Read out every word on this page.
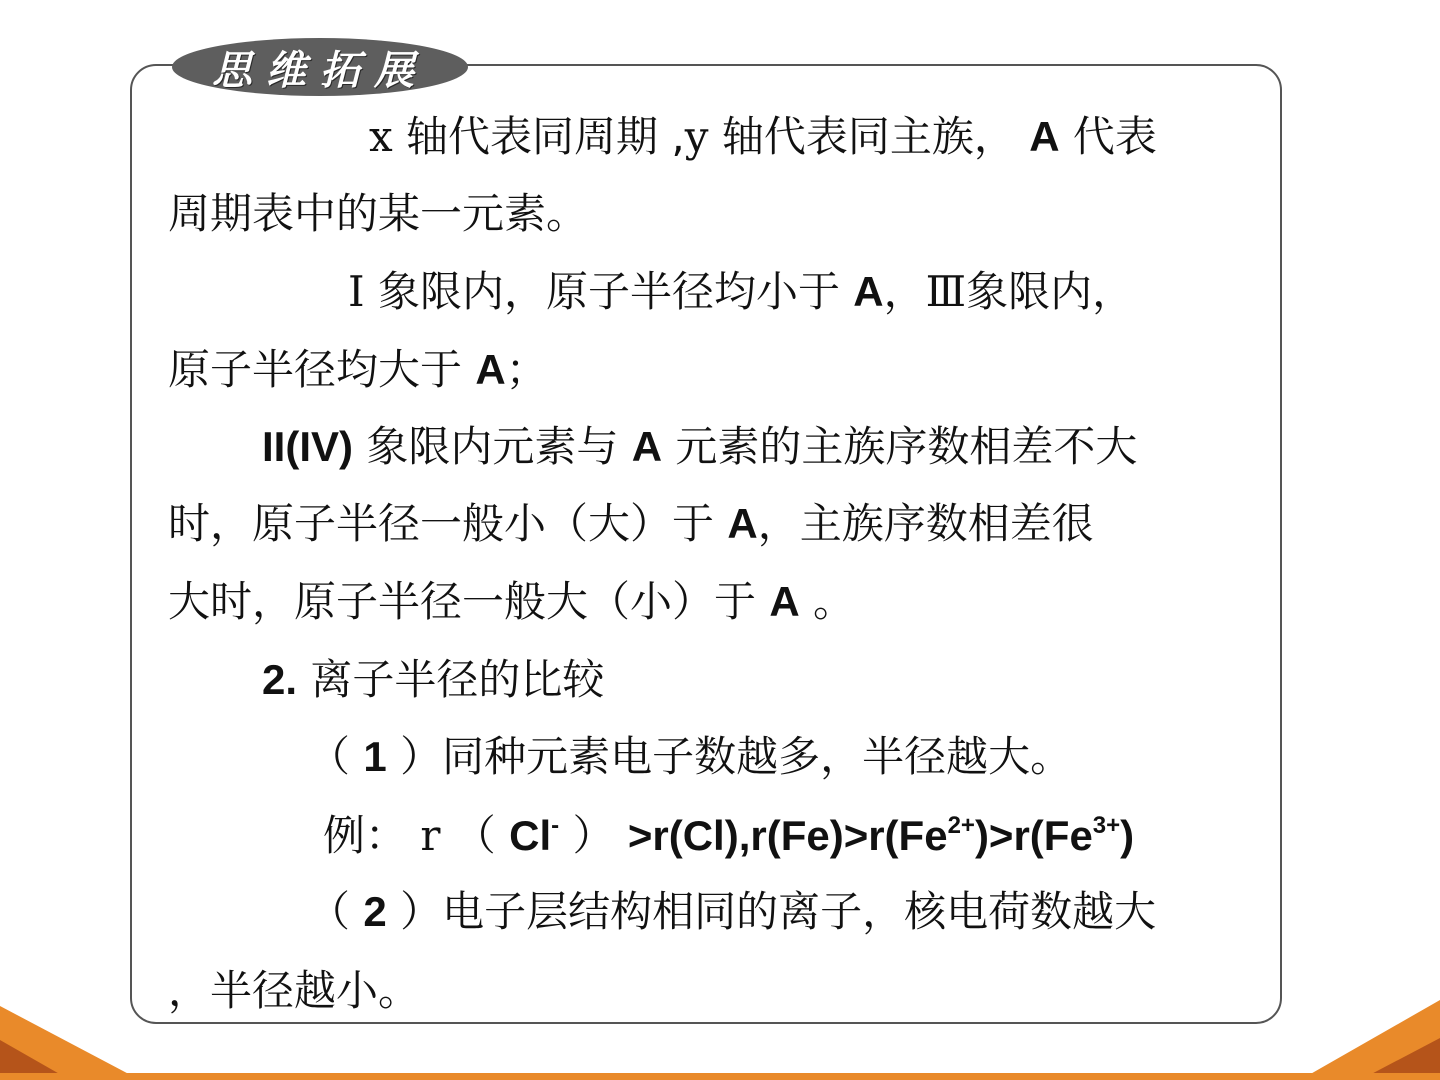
思维拓展
x 轴代表同周期 ,y 轴代表同主族， A 代表
周期表中的某一元素。
Ⅰ 象限内，原子半径均小于 A，Ⅲ象限内，
原子半径均大于 A；
II(IV) 象限内元素与 A 元素的主族序数相差不大
时，原子半径一般小（大）于 A，主族序数相差很
大时，原子半径一般大（小）于 A 。
2. 离子半径的比较
（ 1 ）同种元素电子数越多，半径越大。
例： r （ Cl- ） $>r(Cl),r(Fe)>r(Fe^{2+})>r(Fe^{3+})$
（ 2 ）电子层结构相同的离子，核电荷数越大
，半径越小。
